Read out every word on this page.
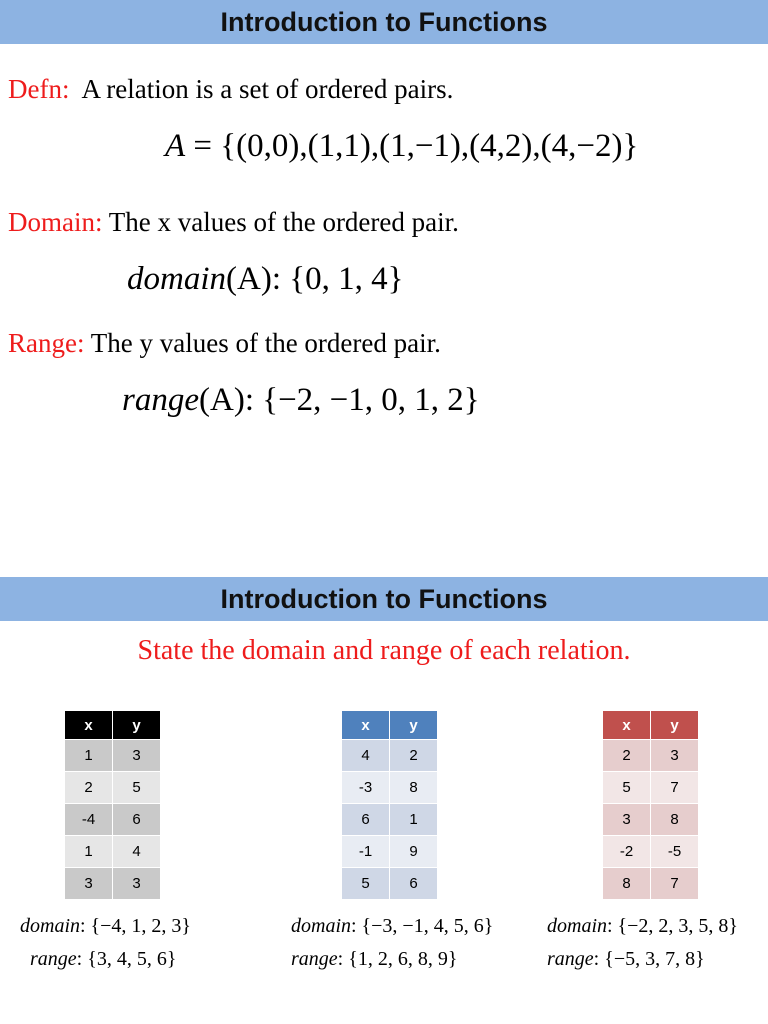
Introduction to Functions
Defn: A relation is a set of ordered pairs.
A = {(0,0),(1,1),(1,−1),(4,2),(4,−2)}
Domain: The x values of the ordered pair.
domain(A): {0, 1, 4}
Range: The y values of the ordered pair.
range(A): {−2, −1, 0, 1, 2}
Introduction to Functions
State the domain and range of each relation.
x	y
1	3
2	5
-4	6
1	4
3	3
x	y
4	2
-3	8
6	1
-1	9
5	6
x	y
2	3
5	7
3	8
-2	-5
8	7
domain: {−4, 1, 2, 3}
range: {3, 4, 5, 6}
domain: {−3, −1, 4, 5, 6}
range: {1, 2, 6, 8, 9}
domain: {−2, 2, 3, 5, 8}
range: {−5, 3, 7, 8}
